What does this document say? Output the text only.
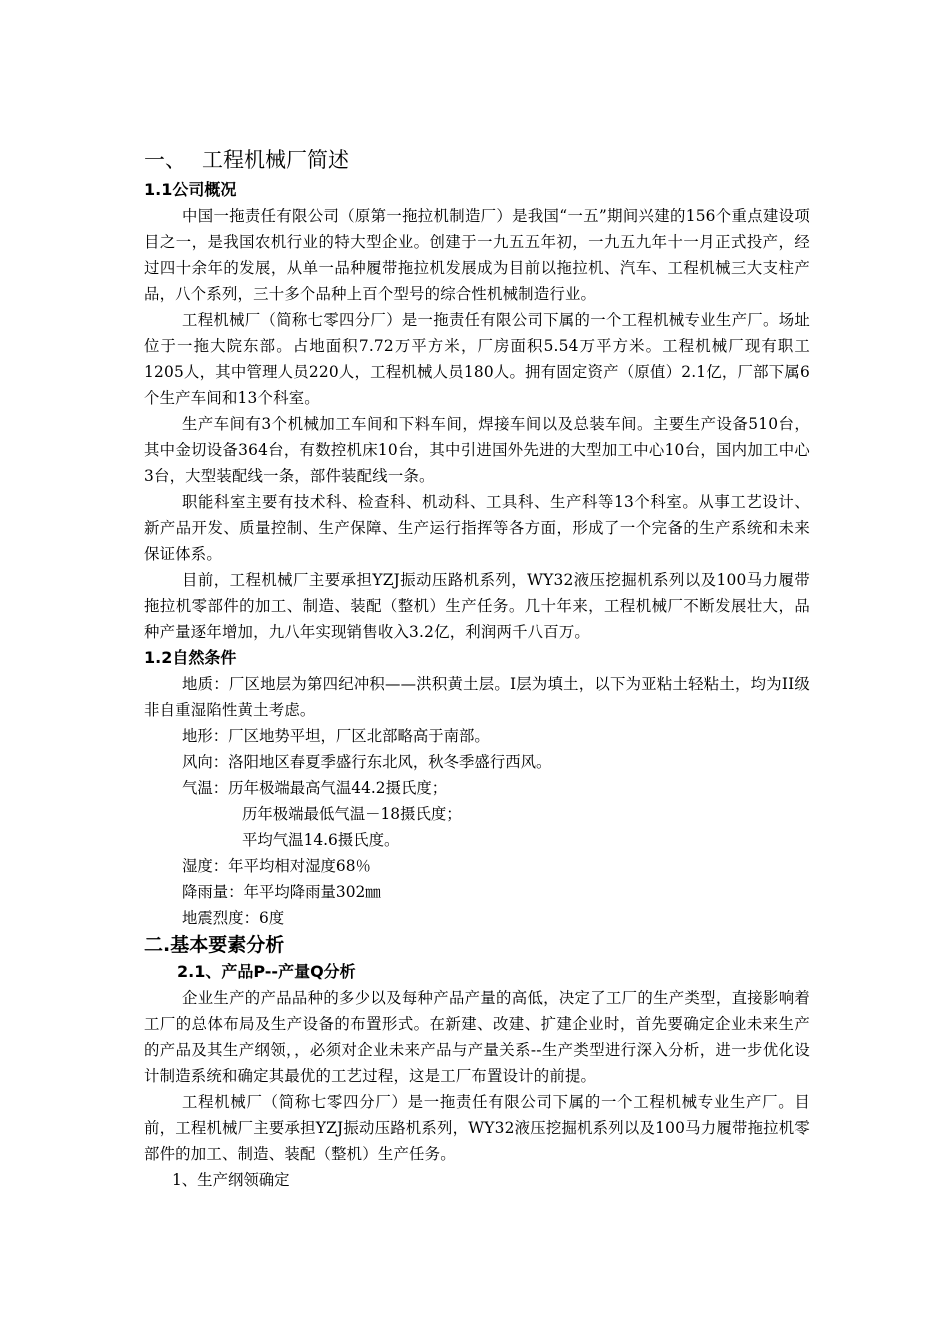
一、 工程机械厂简述
1.1公司概况
中国一拖责任有限公司（原第一拖拉机制造厂）是我国“一五”期间兴建的156个重点建设项目之一，是我国农机行业的特大型企业。创建于一九五五年初，一九五九年十一月正式投产，经过四十余年的发展，从单一品种履带拖拉机发展成为目前以拖拉机、汽车、工程机械三大支柱产品，八个系列，三十多个品种上百个型号的综合性机械制造行业。
工程机械厂（简称七零四分厂）是一拖责任有限公司下属的一个工程机械专业生产厂。场址位于一拖大院东部。占地面积7.72万平方米，厂房面积5.54万平方米。工程机械厂现有职工1205人，其中管理人员220人，工程机械人员180人。拥有固定资产（原值）2.1亿，厂部下属6个生产车间和13个科室。
生产车间有3个机械加工车间和下料车间，焊接车间以及总装车间。主要生产设备510台，其中金切设备364台，有数控机床10台，其中引进国外先进的大型加工中心10台，国内加工中心3台，大型装配线一条，部件装配线一条。
职能科室主要有技术科、检查科、机动科、工具科、生产科等13个科室。从事工艺设计、新产品开发、质量控制、生产保障、生产运行指挥等各方面，形成了一个完备的生产系统和未来保证体系。
目前，工程机械厂主要承担YZJ振动压路机系列，WY32液压挖掘机系列以及100马力履带拖拉机零部件的加工、制造、装配（整机）生产任务。几十年来，工程机械厂不断发展壮大，品种产量逐年增加，九八年实现销售收入3.2亿，利润两千八百万。
1.2自然条件
地质：厂区地层为第四纪冲积——洪积黄土层。I层为填土，以下为亚粘土轻粘土，均为II级非自重湿陷性黄土考虑。
地形：厂区地势平坦，厂区北部略高于南部。
风向：洛阳地区春夏季盛行东北风，秋冬季盛行西风。
气温：历年极端最高气温44.2摄氏度；
历年极端最低气温－18摄氏度；
平均气温14.6摄氏度。
湿度：年平均相对湿度68％
降雨量：年平均降雨量302㎜
地震烈度：6度
二.基本要素分析
2.1、产品P--产量Q分析
企业生产的产品品种的多少以及每种产品产量的高低，决定了工厂的生产类型，直接影响着工厂的总体布局及生产设备的布置形式。在新建、改建、扩建企业时，首先要确定企业未来生产的产品及其生产纲领，，必须对企业未来产品与产量关系--生产类型进行深入分析，进一步优化设计制造系统和确定其最优的工艺过程，这是工厂布置设计的前提。
工程机械厂（简称七零四分厂）是一拖责任有限公司下属的一个工程机械专业生产厂。目前，工程机械厂主要承担YZJ振动压路机系列，WY32液压挖掘机系列以及100马力履带拖拉机零部件的加工、制造、装配（整机）生产任务。
1、生产纲领确定
